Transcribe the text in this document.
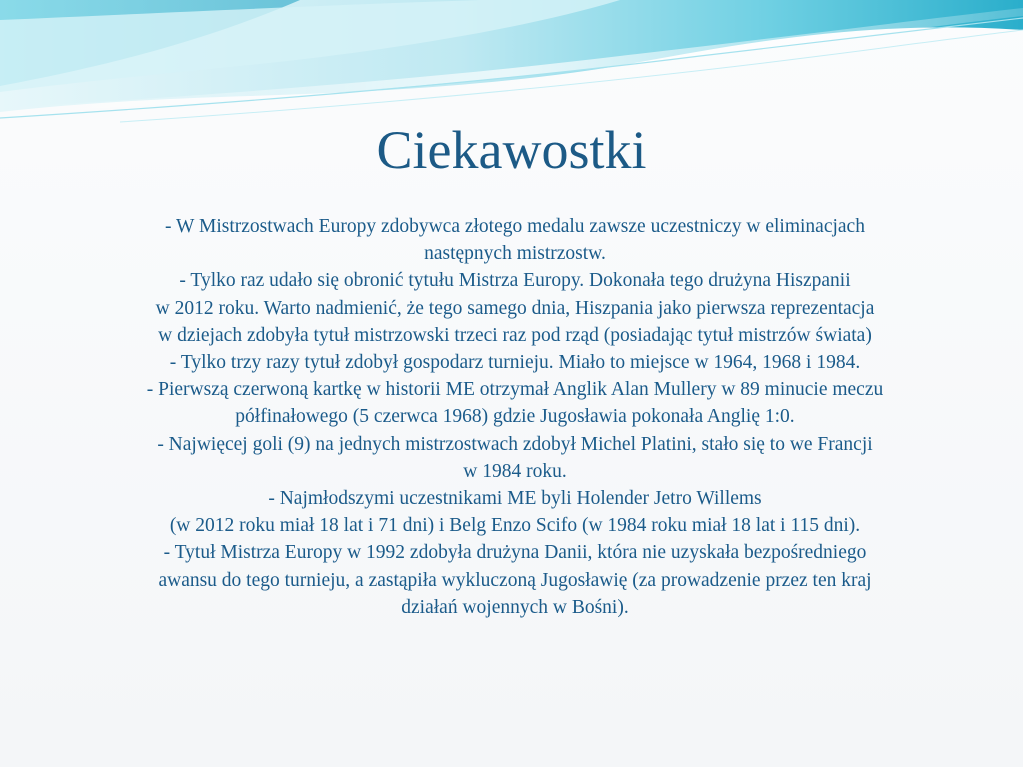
Ciekawostki
- W Mistrzostwach Europy zdobywca złotego medalu zawsze uczestniczy w eliminacjach
następnych mistrzostw.
- Tylko raz udało się obronić tytułu Mistrza Europy. Dokonała tego drużyna Hiszpanii
w 2012 roku. Warto nadmienić, że tego samego dnia, Hiszpania jako pierwsza reprezentacja
w dziejach zdobyła tytuł mistrzowski trzeci raz pod rząd (posiadając tytuł mistrzów świata)
- Tylko trzy razy tytuł zdobył gospodarz turnieju. Miało to miejsce w 1964, 1968 i 1984.
- Pierwszą czerwoną kartkę w historii ME otrzymał Anglik Alan Mullery w 89 minucie meczu
półfinałowego (5 czerwca 1968) gdzie Jugosławia pokonała Anglię 1:0.
- Najwięcej goli (9) na jednych mistrzostwach zdobył Michel Platini, stało się to we Francji
w 1984 roku.
- Najmłodszymi uczestnikami ME byli Holender Jetro Willems
(w 2012 roku miał 18 lat i 71 dni) i Belg Enzo Scifo (w 1984 roku miał 18 lat i 115 dni).
- Tytuł Mistrza Europy w 1992 zdobyła drużyna Danii, która nie uzyskała bezpośredniego
awansu do tego turnieju, a zastąpiła wykluczoną Jugosławię (za prowadzenie przez ten kraj
działań wojennych w Bośni).
